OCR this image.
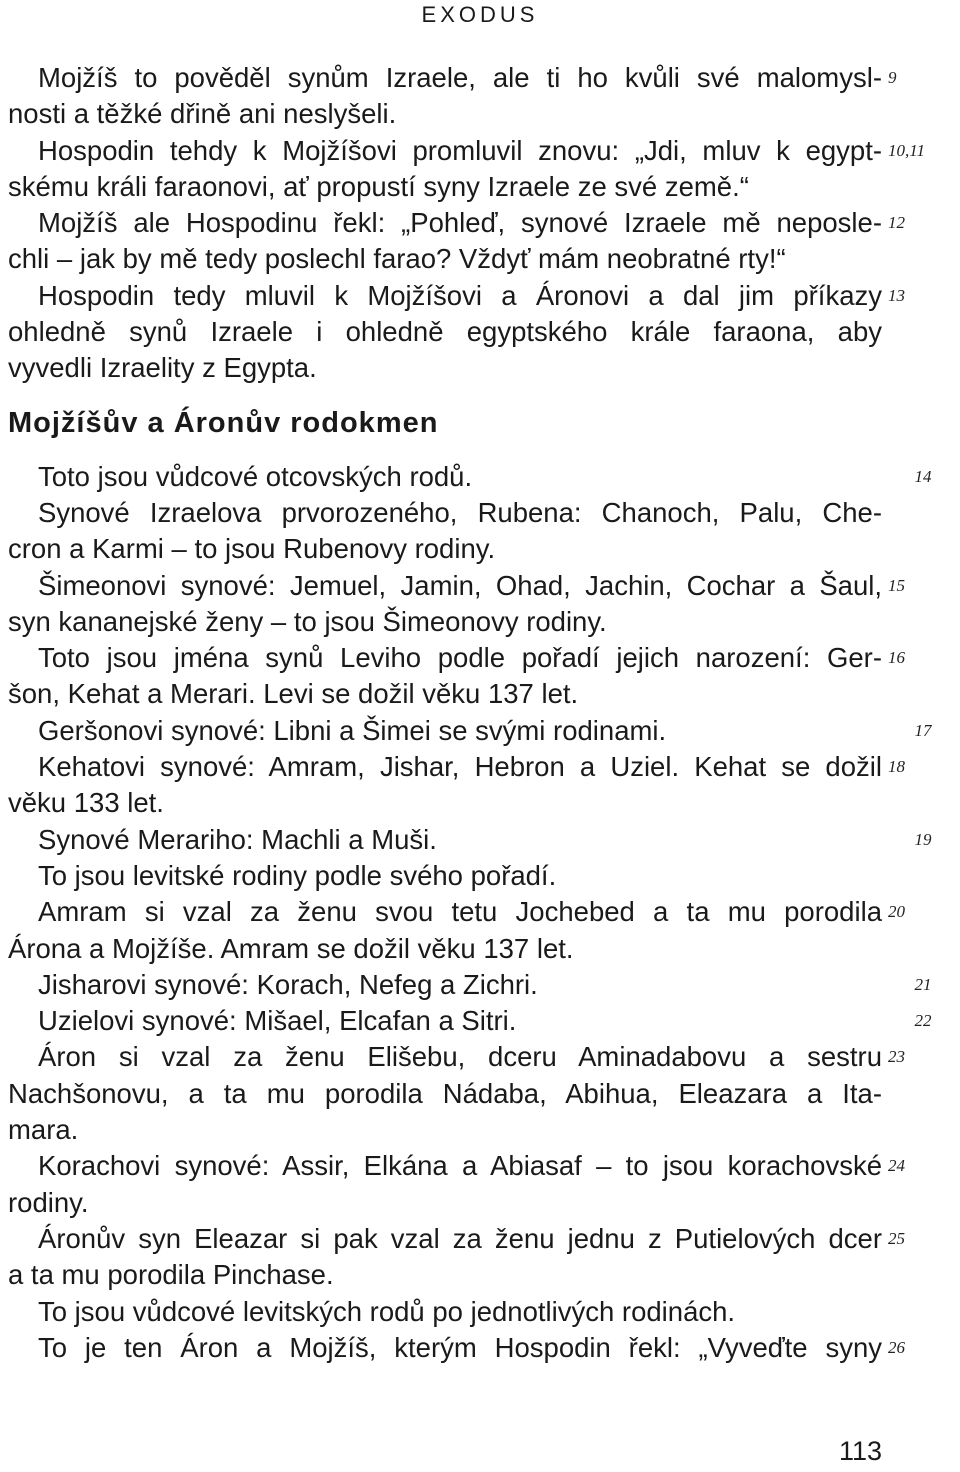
EXODUS
Mojžíš to pověděl synům Izraele, ale ti ho kvůli své malomysl- 9
nosti a těžké dřině ani neslyšeli.
Hospodin tehdy k Mojžíšovi promluvil znovu: „Jdi, mluv k egypt- 10,11
skému králi faraonovi, ať propustí syny Izraele ze své země.“
Mojžíš ale Hospodinu řekl: „Pohleď, synové Izraele mě neposle- 12
chli – jak by mě tedy poslechl farao? Vždyť mám neobratné rty!“
Hospodin tedy mluvil k Mojžíšovi a Áronovi a dal jim příkazy 13
ohledně synů Izraele i ohledně egyptského krále faraona, aby
vyvedli Izraelity z Egypta.
Mojžíšův a Áronův rodokmen
Toto jsou vůdcové otcovských rodů.	14
Synové Izraelova prvorozeného, Rubena: Chanoch, Palu, Che-
cron a Karmi – to jsou Rubenovy rodiny.
Šimeonovi synové: Jemuel, Jamin, Ohad, Jachin, Cochar a Šaul, 15
syn kananejské ženy – to jsou Šimeonovy rodiny.
Toto jsou jména synů Leviho podle pořadí jejich narození: Ger- 16
šon, Kehat a Merari. Levi se dožil věku 137 let.
Geršonovi synové: Libni a Šimei se svými rodinami.	17
Kehatovi synové: Amram, Jishar, Hebron a Uziel. Kehat se dožil 18
věku 133 let.
Synové Merariho: Machli a Muši.	19
To jsou levitské rodiny podle svého pořadí.
Amram si vzal za ženu svou tetu Jochebed a ta mu porodila 20
Árona a Mojžíše. Amram se dožil věku 137 let.
Jisharovi synové: Korach, Nefeg a Zichri.	21
Uzielovi synové: Mišael, Elcafan a Sitri.	22
Áron si vzal za ženu Elišebu, dceru Aminadabovu a sestru 23
Nachšonovu, a ta mu porodila Nádaba, Abihua, Eleazara a Ita-
mara.
Korachovi synové: Assir, Elkána a Abiasaf – to jsou korachovské 24
rodiny.
Áronův syn Eleazar si pak vzal za ženu jednu z Putielových dcer 25
a ta mu porodila Pinchase.
To jsou vůdcové levitských rodů po jednotlivých rodinách.
To je ten Áron a Mojžíš, kterým Hospodin řekl: „Vyveďte syny 26
113
